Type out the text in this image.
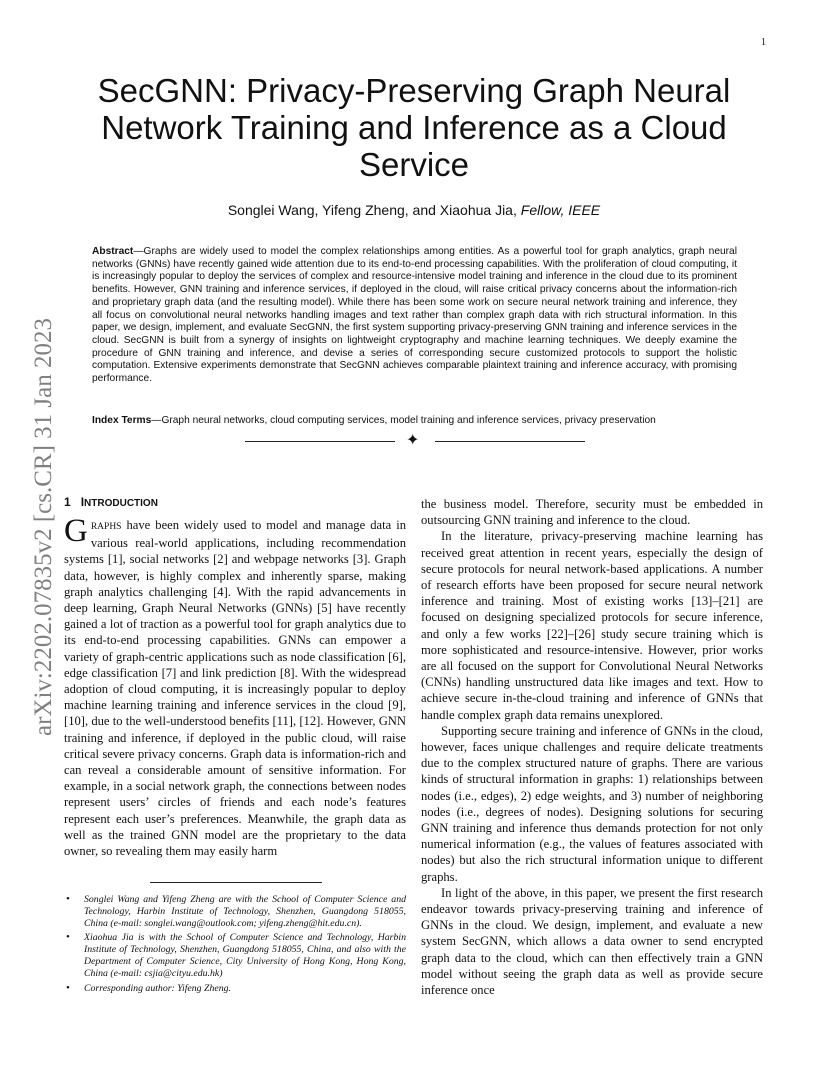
1
arXiv:2202.07835v2 [cs.CR] 31 Jan 2023
SecGNN: Privacy-Preserving Graph Neural Network Training and Inference as a Cloud Service
Songlei Wang, Yifeng Zheng, and Xiaohua Jia, Fellow, IEEE
Abstract—Graphs are widely used to model the complex relationships among entities. As a powerful tool for graph analytics, graph neural networks (GNNs) have recently gained wide attention due to its end-to-end processing capabilities. With the proliferation of cloud computing, it is increasingly popular to deploy the services of complex and resource-intensive model training and inference in the cloud due to its prominent benefits. However, GNN training and inference services, if deployed in the cloud, will raise critical privacy concerns about the information-rich and proprietary graph data (and the resulting model). While there has been some work on secure neural network training and inference, they all focus on convolutional neural networks handling images and text rather than complex graph data with rich structural information. In this paper, we design, implement, and evaluate SecGNN, the first system supporting privacy-preserving GNN training and inference services in the cloud. SecGNN is built from a synergy of insights on lightweight cryptography and machine learning techniques. We deeply examine the procedure of GNN training and inference, and devise a series of corresponding secure customized protocols to support the holistic computation. Extensive experiments demonstrate that SecGNN achieves comparable plaintext training and inference accuracy, with promising performance.
Index Terms—Graph neural networks, cloud computing services, model training and inference services, privacy preservation
✦
1 INTRODUCTION

GRAPHS have been widely used to model and manage data in various real-world applications, including recommendation systems [1], social networks [2] and webpage networks [3]. Graph data, however, is highly complex and inherently sparse, making graph analytics challenging [4]. With the rapid advancements in deep learning, Graph Neural Networks (GNNs) [5] have recently gained a lot of traction as a powerful tool for graph analytics due to its end-to-end processing capabilities. GNNs can empower a variety of graph-centric applications such as node classification [6], edge classification [7] and link prediction [8]. With the widespread adoption of cloud computing, it is increasingly popular to deploy machine learning training and inference services in the cloud [9], [10], due to the well-understood benefits [11], [12]. However, GNN training and inference, if deployed in the public cloud, will raise critical severe privacy concerns. Graph data is information-rich and can reveal a considerable amount of sensitive information. For example, in a social network graph, the connections between nodes represent users’ circles of friends and each node’s features represent each user’s preferences. Meanwhile, the graph data as well as the trained GNN model are the proprietary to the data owner, so revealing them may easily harm

• Songlei Wang and Yifeng Zheng are with the School of Computer Science and Technology, Harbin Institute of Technology, Shenzhen, Guangdong 518055, China (e-mail: songlei.wang@outlook.com; yifeng.zheng@hit.edu.cn).
• Xiaohua Jia is with the School of Computer Science and Technology, Harbin Institute of Technology, Shenzhen, Guangdong 518055, China, and also with the Department of Computer Science, City University of Hong Kong, Hong Kong, China (e-mail: csjia@cityu.edu.hk)
• Corresponding author: Yifeng Zheng.

the business model. Therefore, security must be embedded in outsourcing GNN training and inference to the cloud.

In the literature, privacy-preserving machine learning has received great attention in recent years, especially the design of secure protocols for neural network-based applications. A number of research efforts have been proposed for secure neural network inference and training. Most of existing works [13]–[21] are focused on designing specialized protocols for secure inference, and only a few works [22]–[26] study secure training which is more sophisticated and resource-intensive. However, prior works are all focused on the support for Convolutional Neural Networks (CNNs) handling unstructured data like images and text. How to achieve secure in-the-cloud training and inference of GNNs that handle complex graph data remains unexplored.

Supporting secure training and inference of GNNs in the cloud, however, faces unique challenges and require delicate treatments due to the complex structured nature of graphs. There are various kinds of structural information in graphs: 1) relationships between nodes (i.e., edges), 2) edge weights, and 3) number of neighboring nodes (i.e., degrees of nodes). Designing solutions for securing GNN training and inference thus demands protection for not only numerical information (e.g., the values of features associated with nodes) but also the rich structural information unique to different graphs.

In light of the above, in this paper, we present the first research endeavor towards privacy-preserving training and inference of GNNs in the cloud. We design, implement, and evaluate a new system SecGNN, which allows a data owner to send encrypted graph data to the cloud, which can then effectively train a GNN model without seeing the graph data as well as provide secure inference once
